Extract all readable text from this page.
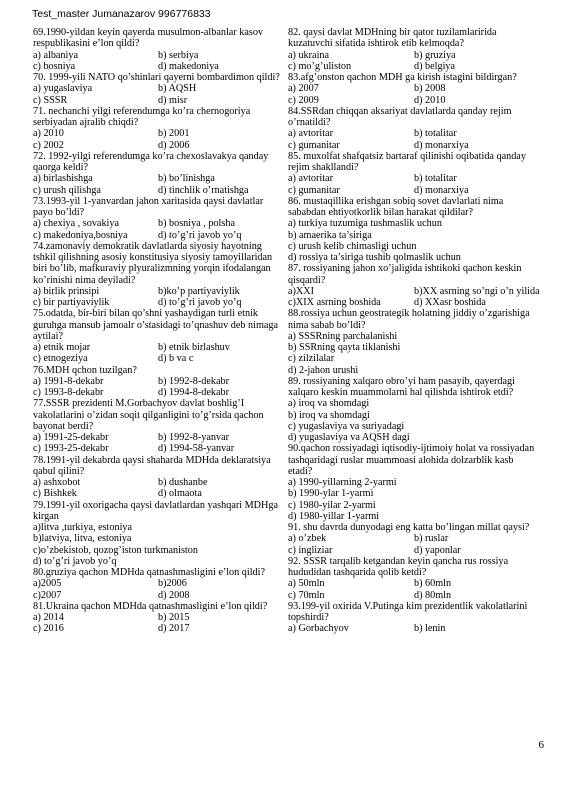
Test_master Jumanazarov 996776833
69.1990-yildan keyin qayerda musulmon-albanlar kasov respublikasini e’lon qildi?
a) albaniya	b) serbiya
c) bosniya	d) makedoniya
70. 1999-yili NATO qo’shinlari qayerni bombardimon qildi?
a) yugaslaviya	b) AQSH
c) SSSR	d) misr
71. nechanchi yilgi referendumga ko’ra chernogoriya serbiyadan ajralib chiqdi?
a) 2010	b) 2001
c) 2002	d) 2006
72. 1992-yilgi referendumga ko’ra chexoslavakya qanday qaorga keldi?
a) birlashishga	b) bo’linishga
c) urush qilishga	d) tinchlik o’rnatishga
73.1993-yil 1-yanvardan jahon xaritasida qaysi davlatlar payo bo’ldi?
a) chexiya , sovakiya	b) bosniya , polsha
c) makedoniya,bosniya	d) to’g’ri javob yo’q
74.zamonaviy demokratik davlatlarda siyosiy hayotning tshkil qilishning asosiy konstitusiya siyosiy tamoyillaridan biri bo’lib, mafkuraviy plyuralizmning yorqin ifodalangan ko’rinishi nima deyiladi?
a) birlik prinsipi	b)ko’p partiyaviylik
c) bir partiyaviylik	d) to’g’ri javob yo’q
75.odatda, bir-biri bilan qo’shni yashaydigan turli etnik guruhga mansub jamoalr o’stasidagi to’qnashuv deb nimaga aytilai?
a) etnik mojar	b) etnik birlashuv
c) etnogeziya	d) b va c
76.MDH qchon tuzilgan?
a) 1991-8-dekabr	b) 1992-8-dekabr
c) 1993-8-dekabr	d) 1994-8-dekabr
77.SSSR prezidenti M.Gorbachyov davlat boshlig’I vakolatlarini o’zidan soqit qilganligini to’g’rsida qachon bayonat berdi?
a) 1991-25-dekabr	b) 1992-8-yanvar
c) 1993-25-dekabr	d) 1994-58-yanvar
78.1991-yil dekabrda qaysi shaharda MDHda deklaratsiya qabul qilini?
a) ashxobot	b) dushanbe
c) Bishkek	d) olmaota
79.1991-yil oxorigacha qaysi davlatlardan yashqari MDHga kirgan
a)litva ,turkiya, estoniya
b)latviya, litva, estoniya
c)o’zbekistob, qozog’iston turkmaniston
d) to’g’ri javob yo’q
80.gruziya qachon MDHda qatnashmasligini e’lon qildi?
a)2005	b)2006
c)2007	d) 2008
81.Ukraina qachon MDHda qatnashmasligini e’lon qildi?
a) 2014	b) 2015
c) 2016	d) 2017
82. qaysi davlat MDHning bir qator tuzilamlaririda kuzatuvchi sifatida ishtirok etib kelmoqda?
a) ukraina	b) gruziya
c) mo’g’uliston	d) belgiya
83.afg’onston qachon MDH ga kirish istagini bildirgan?
a) 2007	b) 2008
c) 2009	d) 2010
84.SSRdan chiqqan aksariyat davlatlarda qanday rejim o’rnatildi?
a) avtoritar	b) totalitar
c) gumanitar	d) monarxiya
85. muxolfat shafqatsiz bartaraf qilinishi oqibatida qanday rejim shakllandi?
a) avtoritar	b) totalitar
c) gumanitar	d) monarxiya
86. mustaqillika erishgan sobiq sovet davlarlati nima sababdan ehtiyotkorlik bilan harakat qildilar?
a) turkiya tuzumiga tushmaslik uchun
b) amaerika ta’siriga
c) urush kelib chimasligi uchun
d) rossiya ta’siriga tushib qolmaslik uchun
87. rossiyaning jahon xo’jaligida ishtikoki qachon keskin qisqardi?
a)XXI	b)XX asrning so’ngi o’n yilida
c)XIX asrning boshida	d) XXasr boshida
88.rossiya uchun geostrategik holatning jiddiy o’zgarishiga nima sabab bo’ldi?
a) SSSRning parchalanishi
b) SSRning qayta tiklanishi
c) zilzilalar
d) 2-jahon urushi
89. rossiyaning xalqaro obro’yi ham pasayib, qayerdagi xalqaro keskin muammolarni hal qilishda ishtirok etdi?
a) iroq va shomdagi
b) iroq va shomdagi
c) yugaslaviya va suriyadagi
d) yugaslaviya va AQSH dagi
90.qachon rossiyadagi iqtisodiy-ijtimoiy holat va rossiyadan tashqaridagi ruslar muammoasi alohida dolzarblik kasb etadi?
a) 1990-yillarning 2-yarmi
b) 1990-ylar 1-yarmi
c) 1980-yilar 2-yarmi
d) 1980-yillar 1-yarmi
91. shu davrda dunyodagi eng katta bo’lingan millat qaysi?
a) o’zbek	b) ruslar
c) ingliziar	d) yaponlar
92. SSSR tarqalib ketgandan keyin qancha rus rossiya hududidan tashqarida qolib ketdi?
a) 50mln	b) 60mln
c) 70mln	d) 80mln
93.199-yil oxirida V.Putinga kim prezidentlik vakolatlarini topshirdi?
a) Gorbachyov	b) lenin
6
